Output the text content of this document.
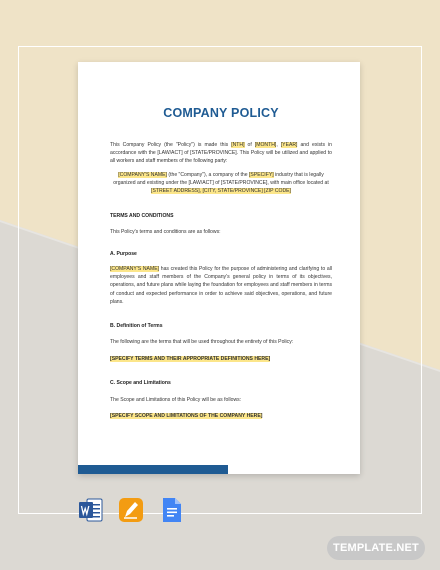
COMPANY POLICY
This Company Policy (the "Policy") is made this [NTH] of [MONTH], [YEAR] and exists in accordance with the [LAW/ACT] of [STATE/PROVINCE]. This Policy will be utilized and applied to all workers and staff members of the following party:
[COMPANY'S NAME] (the "Company"), a company of the [SPECIFY] industry that is legally organized and existing under the [LAW/ACT] of [STATE/PROVINCE], with main office located at [STREET ADDRESS], [CITY, STATE/PROVINCE] [ZIP CODE]
TERMS AND CONDITIONS
This Policy's terms and conditions are as follows:
A. Purpose
[COMPANY'S NAME] has created this Policy for the purpose of administering and clarifying to all employees and staff members of the Company's general policy in terms of its objectives, operations, and future plans while laying the foundation for employees and staff members in terms of conduct and expected performance in order to achieve said objectives, operations, and future plans.
B. Definition of Terms
The following are the terms that will be used throughout the entirety of this Policy:
[SPECIFY TERMS AND THEIR APPROPRIATE DEFINITIONS HERE]
C. Scope and Limitations
The Scope and Limitations of this Policy will be as follows:
[SPECIFY SCOPE AND LIMITATIONS OF THE COMPANY HERE]
TEMPLATE.NET
